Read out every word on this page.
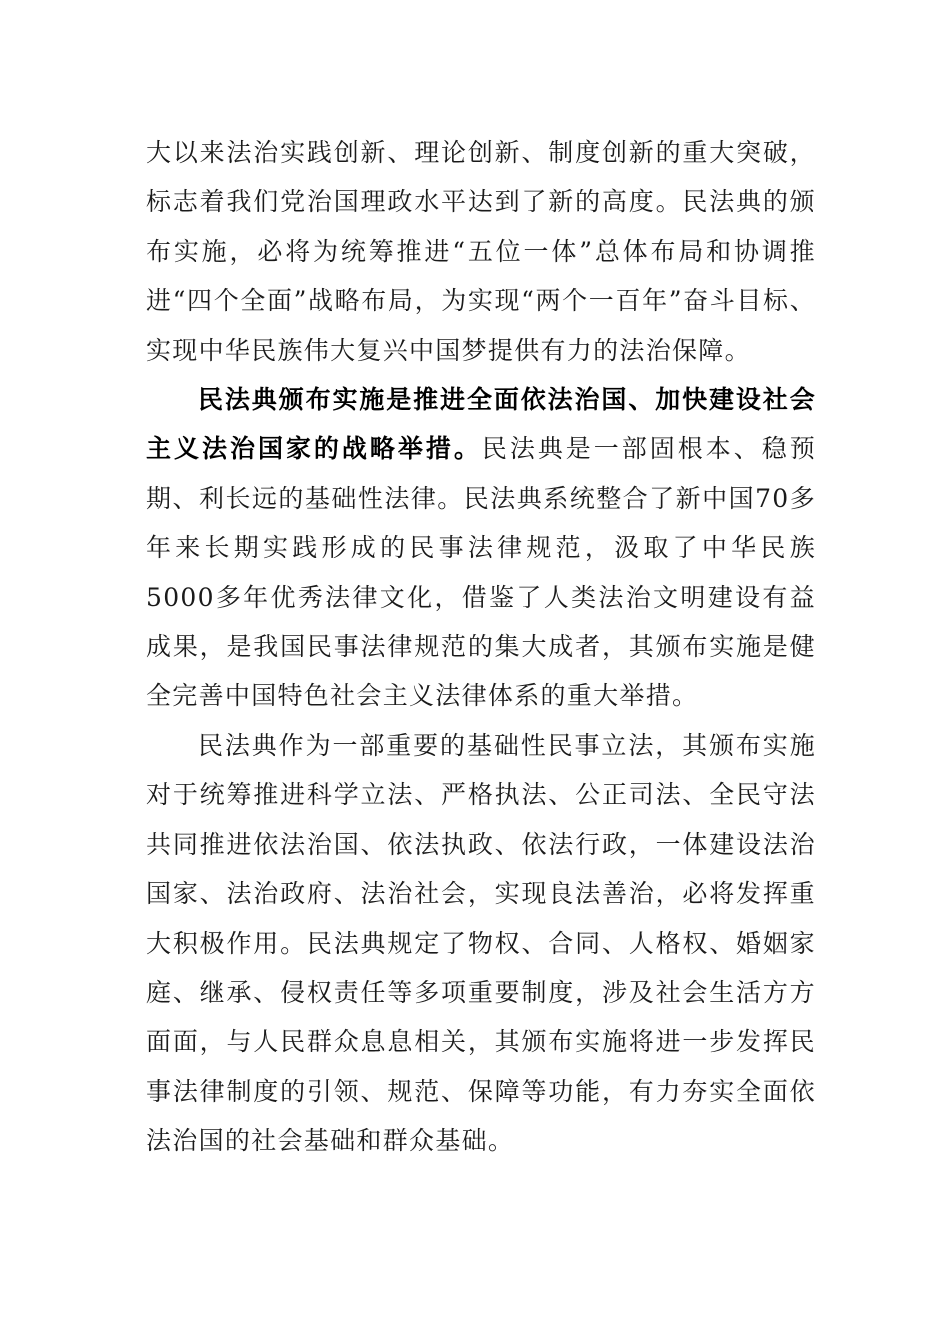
大以来法治实践创新、理论创新、制度创新的重大突破，标志着我们党治国理政水平达到了新的高度。民法典的颁布实施，必将为统筹推进“五位一体”总体布局和协调推进“四个全面”战略布局，为实现“两个一百年”奋斗目标、实现中华民族伟大复兴中国梦提供有力的法治保障。

民法典颁布实施是推进全面依法治国、加快建设社会主义法治国家的战略举措。民法典是一部固根本、稳预期、利长远的基础性法律。民法典系统整合了新中国70多年来长期实践形成的民事法律规范，汲取了中华民族5000多年优秀法律文化，借鉴了人类法治文明建设有益成果，是我国民事法律规范的集大成者，其颁布实施是健全完善中国特色社会主义法律体系的重大举措。

民法典作为一部重要的基础性民事立法，其颁布实施对于统筹推进科学立法、严格执法、公正司法、全民守法共同推进依法治国、依法执政、依法行政，一体建设法治国家、法治政府、法治社会，实现良法善治，必将发挥重大积极作用。民法典规定了物权、合同、人格权、婚姻家庭、继承、侵权责任等多项重要制度，涉及社会生活方方面面，与人民群众息息相关，其颁布实施将进一步发挥民事法律制度的引领、规范、保障等功能，有力夯实全面依法治国的社会基础和群众基础。
